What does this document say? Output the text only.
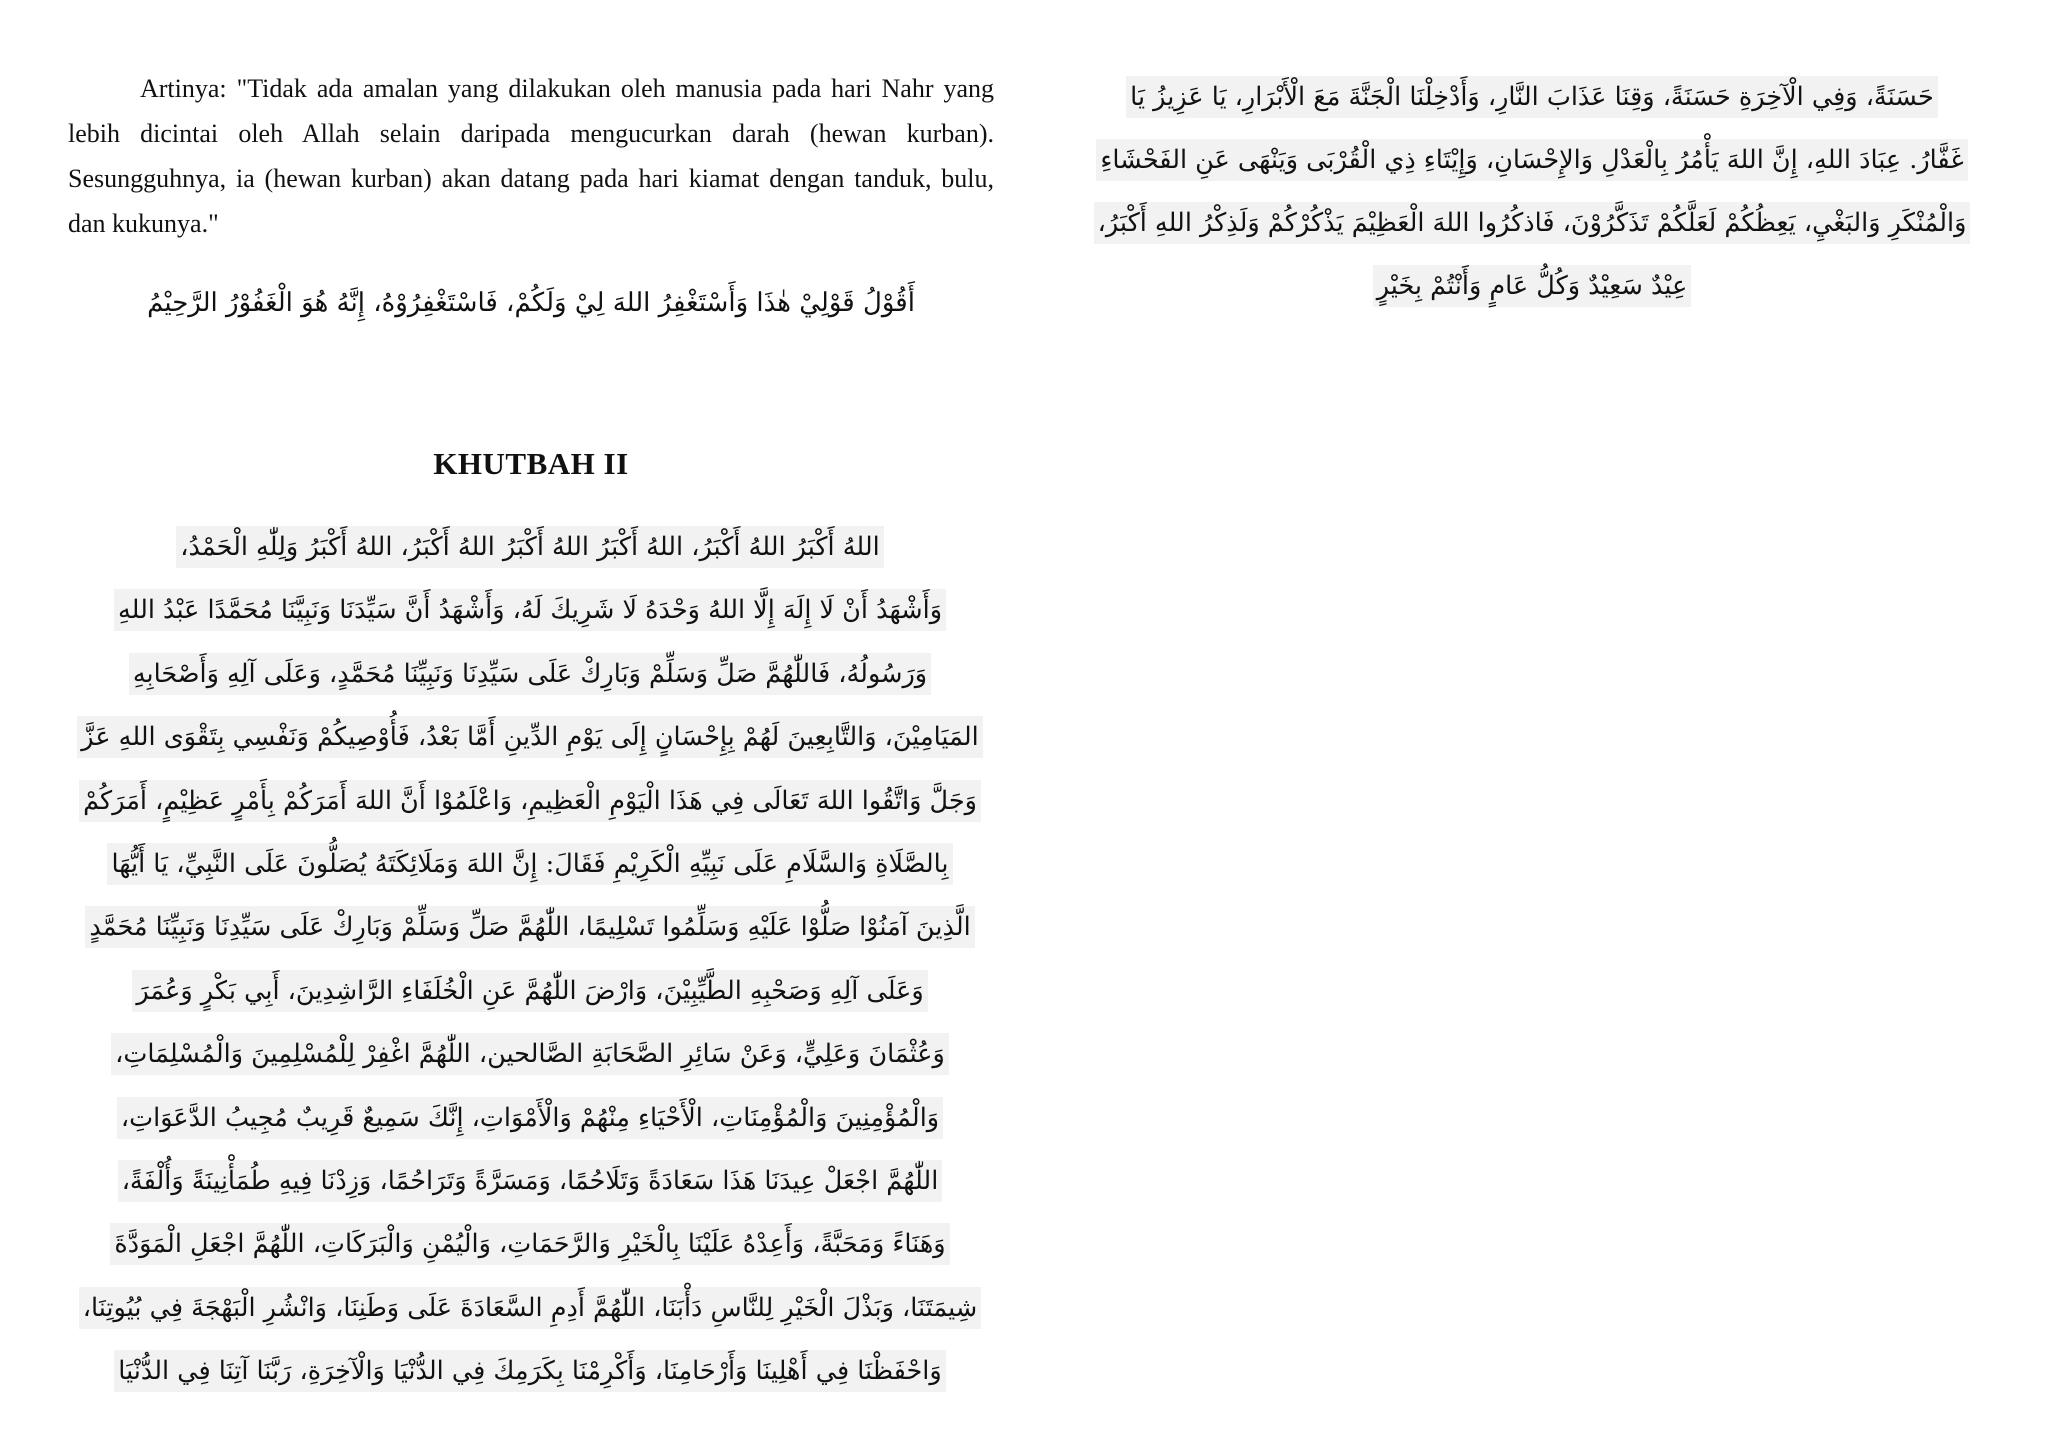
Artinya: "Tidak ada amalan yang dilakukan oleh manusia pada hari Nahr yang lebih dicintai oleh Allah selain daripada mengucurkan darah (hewan kurban). Sesungguhnya, ia (hewan kurban) akan datang pada hari kiamat dengan tanduk, bulu, dan kukunya."

أَقُوْلُ قَوْلِيْ هٰذَا وَأَسْتَغْفِرُ اللهَ لِيْ وَلَكُمْ، فَاسْتَغْفِرُوْهُ، إِنَّهُ هُوَ الْغَفُوْرُ الرَّحِيْمُ

KHUTBAH II
اللهُ أَكْبَرُ اللهُ أَكْبَرُ، اللهُ أَكْبَرُ اللهُ أَكْبَرُ اللهُ أَكْبَرُ، اللهُ أَكْبَرُ وَلِلّٰهِ الْحَمْدُ،
وَأَشْهَدُ أَنْ لَا إِلَهَ إِلَّا اللهُ وَحْدَهُ لَا شَرِيكَ لَهُ، وَأَشْهَدُ أَنَّ سَيِّدَنَا وَنَبِيَّنَا مُحَمَّدًا عَبْدُ اللهِ
وَرَسُولُهُ، فَاللّٰهُمَّ صَلِّ وَسَلِّمْ وَبَارِكْ عَلَى سَيِّدِنَا وَنَبِيِّنَا مُحَمَّدٍ، وَعَلَى آلِهِ وَأَصْحَابِهِ
المَيَامِيْنَ، وَالتَّابِعِينَ لَهُمْ بِإِحْسَانٍ إِلَى يَوْمِ الدِّينِ أَمَّا بَعْدُ، فَأُوْصِيكُمْ وَنَفْسِي بِتَقْوَى اللهِ عَزَّ
وَجَلَّ وَاتَّقُوا اللهَ تَعَالَى فِي هَذَا الْيَوْمِ الْعَظِيمِ، وَاعْلَمُوْا أَنَّ اللهَ أَمَرَكُمْ بِأَمْرٍ عَظِيْمٍ، أَمَرَكُمْ
بِالصَّلَاةِ وَالسَّلَامِ عَلَى نَبِيِّهِ الْكَرِيْمِ فَقَالَ: إِنَّ اللهَ وَمَلَائِكَتَهُ يُصَلُّونَ عَلَى النَّبِيِّ، يَا أَيُّهَا
الَّذِينَ آمَنُوْا صَلُّوْا عَلَيْهِ وَسَلِّمُوا تَسْلِيمًا، اللّٰهُمَّ صَلِّ وَسَلِّمْ وَبَارِكْ عَلَى سَيِّدِنَا وَنَبِيِّنَا مُحَمَّدٍ
وَعَلَى آلِهِ وَصَحْبِهِ الطَّيِّبِيْنَ، وَارْضَ اللّٰهُمَّ عَنِ الْخُلَفَاءِ الرَّاشِدِينَ، أَبِي بَكْرٍ وَعُمَرَ
وَعُثْمَانَ وَعَلِيٍّ، وَعَنْ سَائِرِ الصَّحَابَةِ الصَّالحين، اللّٰهُمَّ اغْفِرْ لِلْمُسْلِمِينَ وَالْمُسْلِمَاتِ،
وَالْمُؤْمِنِينَ وَالْمُؤْمِنَاتِ، الْأَحْيَاءِ مِنْهُمْ وَالْأَمْوَاتِ، إِنَّكَ سَمِيعٌ قَرِيبٌ مُجِيبُ الدَّعَوَاتِ،
اللّٰهُمَّ اجْعَلْ عِيدَنَا هَذَا سَعَادَةً وَتَلَاحُمًا، وَمَسَرَّةً وَتَرَاحُمًا، وَزِدْنَا فِيهِ طُمَأْنِينَةً وَأُلْفَةً،
وَهَنَاءً وَمَحَبَّةً، وَأَعِدْهُ عَلَيْنَا بِالْخَيْرِ وَالرَّحَمَاتِ، وَالْيُمْنِ وَالْبَرَكَاتِ، اللّٰهُمَّ اجْعَلِ الْمَوَدَّةَ
شِيمَتَنَا، وَبَذْلَ الْخَيْرِ لِلنَّاسِ دَأْبَنَا، اللّٰهُمَّ أَدِمِ السَّعَادَةَ عَلَى وَطَنِنَا، وَانْشُرِ الْبَهْجَةَ فِي بُيُوتِنَا،
وَاحْفَظْنَا فِي أَهْلِينَا وَأَرْحَامِنَا، وَأَكْرِمْنَا بِكَرَمِكَ فِي الدُّنْيَا وَالْآخِرَةِ، رَبَّنَا آتِنَا فِي الدُّنْيَا
حَسَنَةً، وَفِي الْآخِرَةِ حَسَنَةً، وَقِنَا عَذَابَ النَّارِ، وَأَدْخِلْنَا الْجَنَّةَ مَعَ الْأَبْرَارِ، يَا عَزِيزُ يَا
غَفَّارُ. عِبَادَ اللهِ، إِنَّ اللهَ يَأْمُرُ بِالْعَدْلِ وَالإِحْسَانِ، وَإِيْتَاءِ ذِي الْقُرْبَى وَيَنْهَى عَنِ الفَحْشَاءِ
وَالْمُنْكَرِ وَالبَغْيِ، يَعِظُكُمْ لَعَلَّكُمْ تَذَكَّرُوْنَ، فَاذكُرُوا اللهَ الْعَظِيْمَ يَذْكُرْكُمْ وَلَذِكْرُ اللهِ أَكْبَرُ،
عِيْدٌ سَعِيْدٌ وَكُلُّ عَامٍ وَأَنْتُمْ بِخَيْرٍ
